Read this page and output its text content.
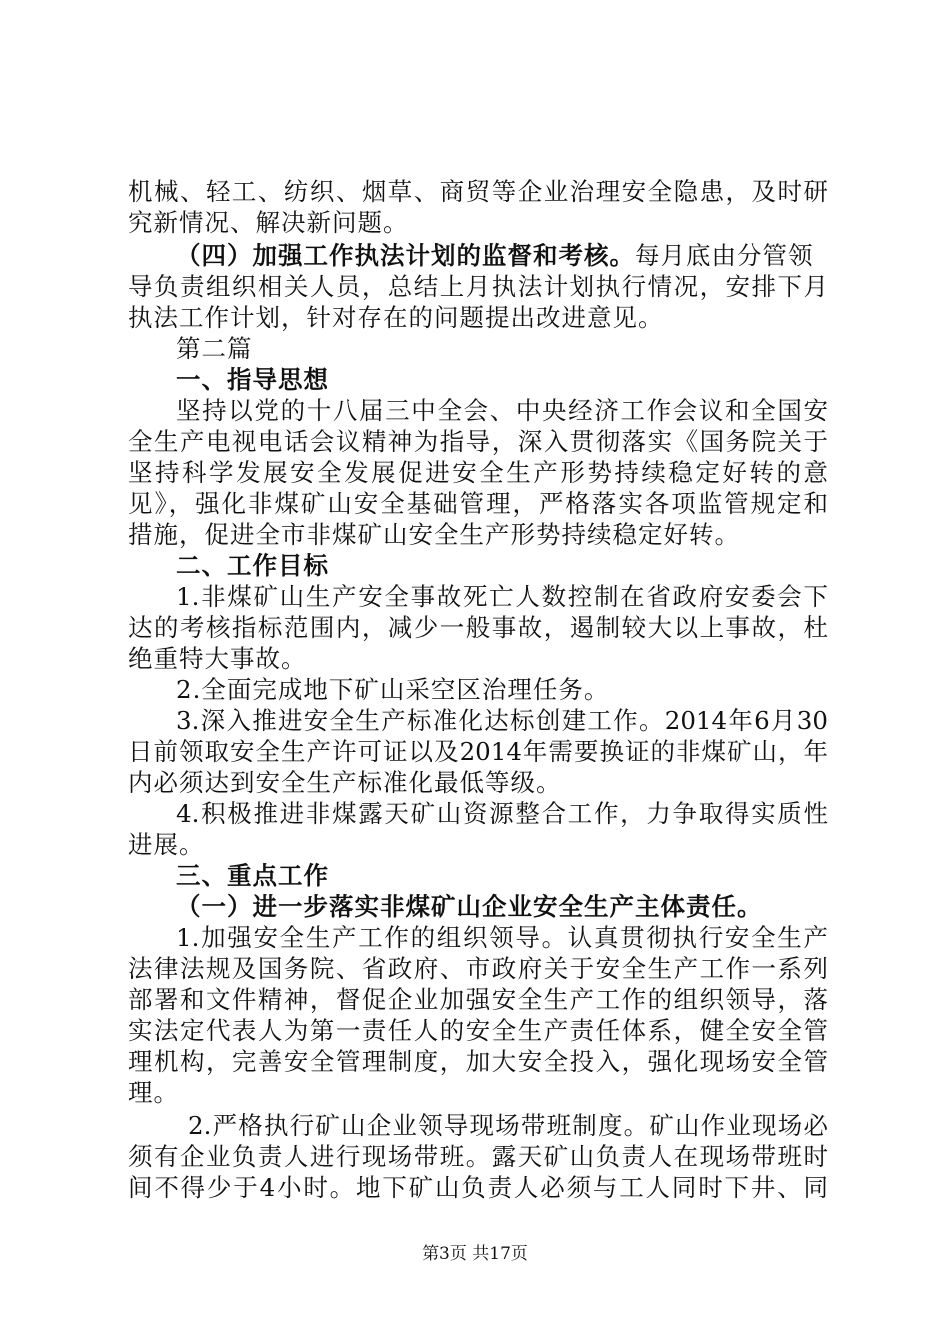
机械、轻工、纺织、烟草、商贸等企业治理安全隐患，及时研
究新情况、解决新问题。
（四）加强工作执法计划的监督和考核。每月底由分管领
导负责组织相关人员，总结上月执法计划执行情况，安排下月
执法工作计划，针对存在的问题提出改进意见。
第二篇
一、指导思想
坚持以党的十八届三中全会、中央经济工作会议和全国安
全生产电视电话会议精神为指导，深入贯彻落实《国务院关于
坚持科学发展安全发展促进安全生产形势持续稳定好转的意
见》，强化非煤矿山安全基础管理，严格落实各项监管规定和
措施，促进全市非煤矿山安全生产形势持续稳定好转。
二、工作目标
1.非煤矿山生产安全事故死亡人数控制在省政府安委会下
达的考核指标范围内，减少一般事故，遏制较大以上事故，杜
绝重特大事故。
2.全面完成地下矿山采空区治理任务。
3.深入推进安全生产标准化达标创建工作。2014年6月30
日前领取安全生产许可证以及2014年需要换证的非煤矿山，年
内必须达到安全生产标准化最低等级。
4.积极推进非煤露天矿山资源整合工作，力争取得实质性
进展。
三、重点工作
（一）进一步落实非煤矿山企业安全生产主体责任。
1.加强安全生产工作的组织领导。认真贯彻执行安全生产
法律法规及国务院、省政府、市政府关于安全生产工作一系列
部署和文件精神，督促企业加强安全生产工作的组织领导，落
实法定代表人为第一责任人的安全生产责任体系，健全安全管
理机构，完善安全管理制度，加大安全投入，强化现场安全管
理。
2.严格执行矿山企业领导现场带班制度。矿山作业现场必
须有企业负责人进行现场带班。露天矿山负责人在现场带班时
间不得少于4小时。地下矿山负责人必须与工人同时下井、同
第3页 共17页
